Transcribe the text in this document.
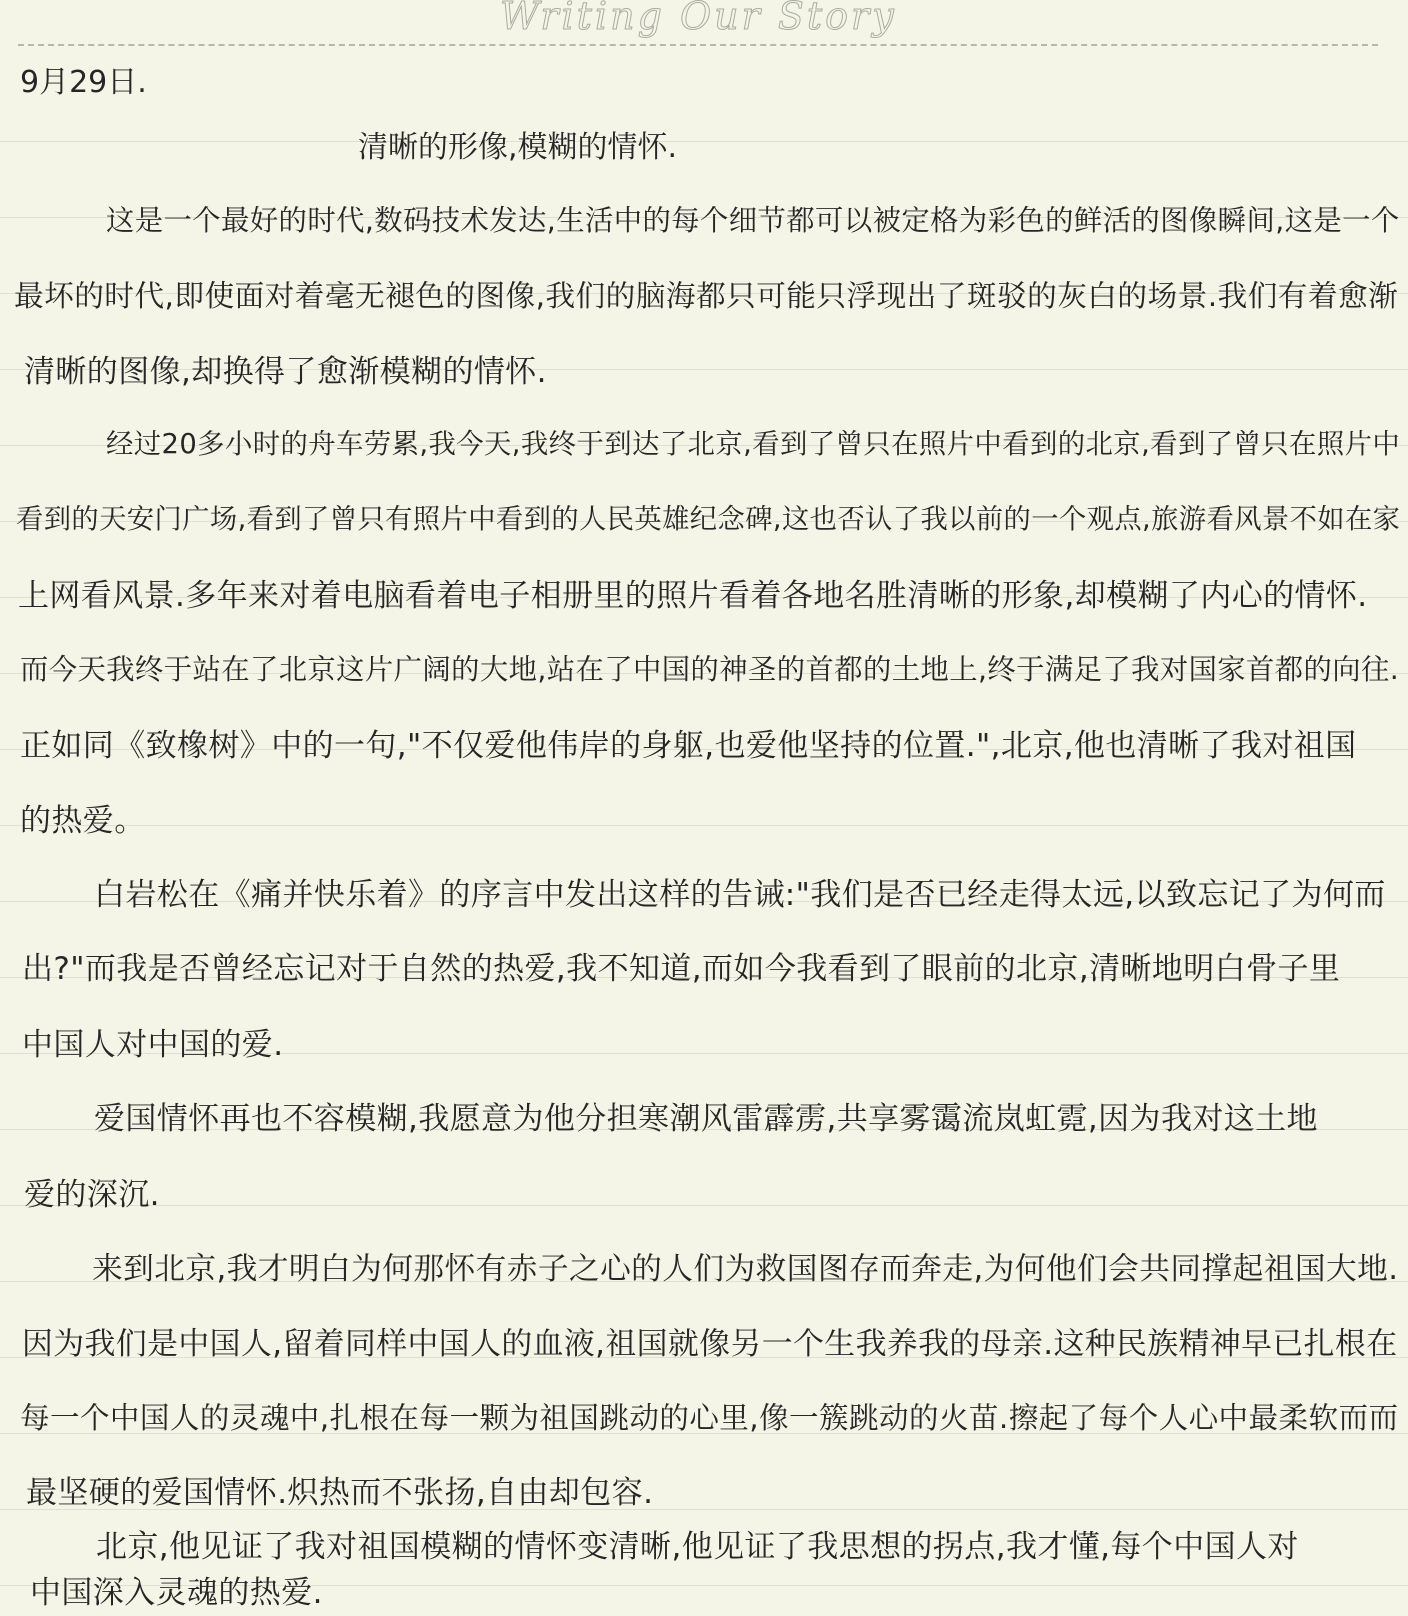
Writing Our Story
9月29日.
清晰的形像,模糊的情怀.
这是一个最好的时代,数码技术发达,生活中的每个细节都可以被定格为彩色的鲜活的图像瞬间,这是一个
最坏的时代,即使面对着毫无褪色的图像,我们的脑海都只可能只浮现出了斑驳的灰白的场景.我们有着愈渐
清晰的图像,却换得了愈渐模糊的情怀.
经过20多小时的舟车劳累,我今天,我终于到达了北京,看到了曾只在照片中看到的北京,看到了曾只在照片中
看到的天安门广场,看到了曾只有照片中看到的人民英雄纪念碑,这也否认了我以前的一个观点,旅游看风景不如在家
上网看风景.多年来对着电脑看着电子相册里的照片看着各地名胜清晰的形象,却模糊了内心的情怀.
而今天我终于站在了北京这片广阔的大地,站在了中国的神圣的首都的土地上,终于满足了我对国家首都的向往.
正如同《致橡树》中的一句,"不仅爱他伟岸的身躯,也爱他坚持的位置.",北京,他也清晰了我对祖国
的热爱。
白岩松在《痛并快乐着》的序言中发出这样的告诫:"我们是否已经走得太远,以致忘记了为何而
出?"而我是否曾经忘记对于自然的热爱,我不知道,而如今我看到了眼前的北京,清晰地明白骨子里
中国人对中国的爱.
爱国情怀再也不容模糊,我愿意为他分担寒潮风雷霹雳,共享雾霭流岚虹霓,因为我对这土地
爱的深沉.
来到北京,我才明白为何那怀有赤子之心的人们为救国图存而奔走,为何他们会共同撑起祖国大地.
因为我们是中国人,留着同样中国人的血液,祖国就像另一个生我养我的母亲.这种民族精神早已扎根在
每一个中国人的灵魂中,扎根在每一颗为祖国跳动的心里,像一簇跳动的火苗.擦起了每个人心中最柔软而而
最坚硬的爱国情怀.炽热而不张扬,自由却包容.
北京,他见证了我对祖国模糊的情怀变清晰,他见证了我思想的拐点,我才懂,每个中国人对
中国深入灵魂的热爱.
